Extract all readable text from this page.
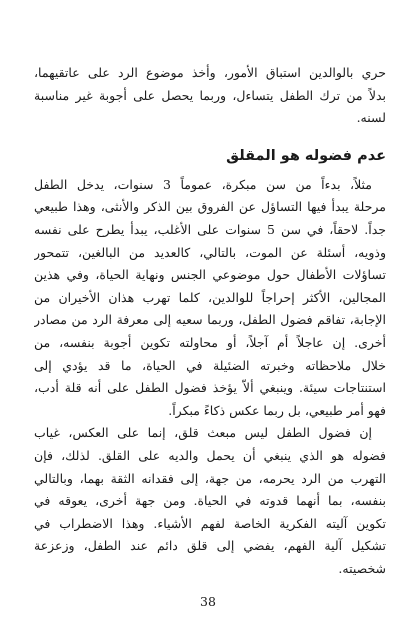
حري بالوالدين استباق الأمور، وأخذ موضوع الرد على عاتقيهما،
بدلاً من ترك الطفل يتساءل، وربما يحصل على أجوبة غير مناسبة
لسنه.
عدم فضوله هو المقلق
مثلاً، بدءاً من سن مبكرة، عموماً 3 سنوات، يدخل الطفل
مرحلة يبدأ فيها التساؤل عن الفروق بين الذكر والأنثى، وهذا طبيعي
جداً. لاحقاً، في سن 5 سنوات على الأغلب، يبدأ يطرح على نفسه
وذويه، أسئلة عن الموت، بالتالي، كالعديد من البالغين، تتمحور
تساؤلات الأطفال حول موضوعي الجنس ونهاية الحياة، وفي هذين
المجالين، الأكثر إحراجاً للوالدين، كلما تهرب هذان الأخيران من
الإجابة، تفاقم فضول الطفل، وربما سعيه إلى معرفة الرد من مصادر
أخرى. إن عاجلاً أم آجلاً، أو محاولته تكوين أجوبة بنفسه، من
خلال ملاحظاته وخبرته الضئيلة في الحياة، ما قد يؤدي إلى
استنتاجات سيئة. وينبغي ألاّ يؤخذ فضول الطفل على أنه قلة أدب،
فهو أمر طبيعي، بل ربما عكس ذكاءً مبكراً.
إن فضول الطفل ليس مبعث قلق، إنما على العكس، غياب
فضوله هو الذي ينبغي أن يحمل والديه على القلق. لذلك، فإن
التهرب من الرد يحرمه، من جهة، إلى فقدانه الثقة بهما، وبالتالي
بنفسه، بما أنهما قدوته في الحياة. ومن جهة أخرى، يعوقه في
تكوين آليته الفكرية الخاصة لفهم الأشياء. وهذا الاضطراب في
تشكيل آلية الفهم، يفضي إلى قلق دائم عند الطفل، وزعزعة
شخصيته.
38
